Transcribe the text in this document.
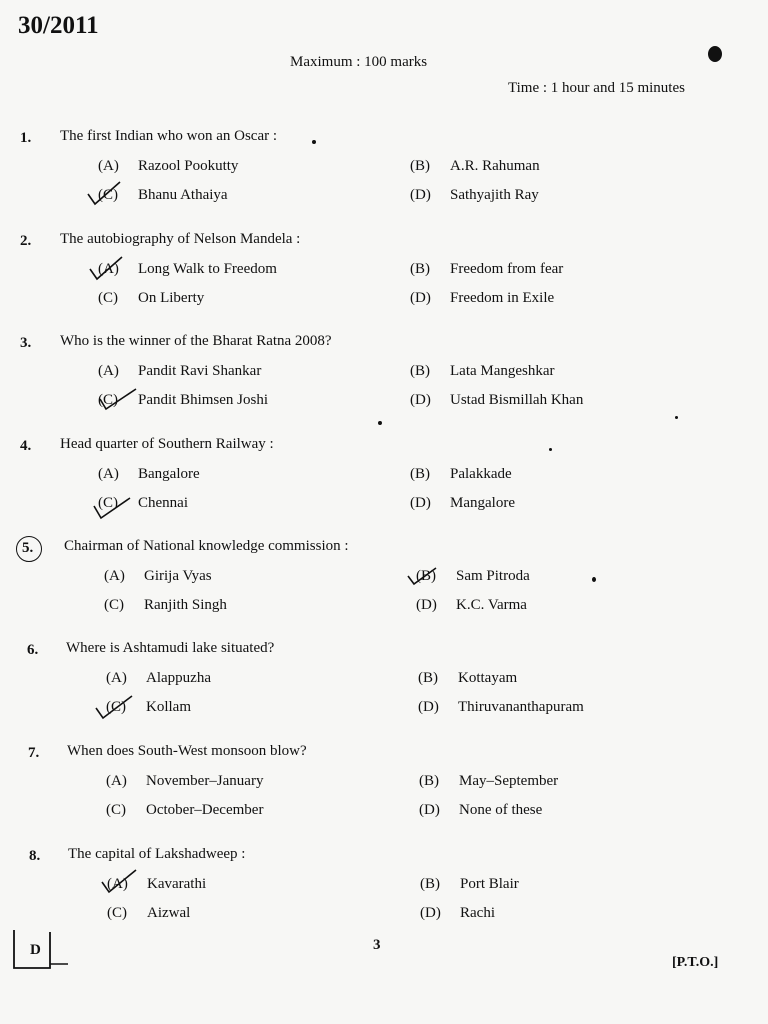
30/2011
Maximum : 100 marks
Time : 1 hour and 15 minutes
1. The first Indian who won an Oscar :
(A) Razool Pookutty	(B) A.R. Rahuman
(C) Bhanu Athaiya	(D) Sathyajith Ray
2. The autobiography of Nelson Mandela :
(A) Long Walk to Freedom	(B) Freedom from fear
(C) On Liberty	(D) Freedom in Exile
3. Who is the winner of the Bharat Ratna 2008?
(A) Pandit Ravi Shankar	(B) Lata Mangeshkar
(C) Pandit Bhimsen Joshi	(D) Ustad Bismillah Khan
4. Head quarter of Southern Railway :
(A) Bangalore	(B) Palakkade
(C) Chennai	(D) Mangalore
5. Chairman of National knowledge commission :
(A) Girija Vyas	(B) Sam Pitroda
(C) Ranjith Singh	(D) K.C. Varma
6. Where is Ashtamudi lake situated?
(A) Alappuzha	(B) Kottayam
(C) Kollam	(D) Thiruvananthapuram
7. When does South-West monsoon blow?
(A) November–January	(B) May–September
(C) October–December	(D) None of these
8. The capital of Lakshadweep :
(A) Kavarathi	(B) Port Blair
(C) Aizwal	(D) Rachi
D	3
[P.T.O.]
